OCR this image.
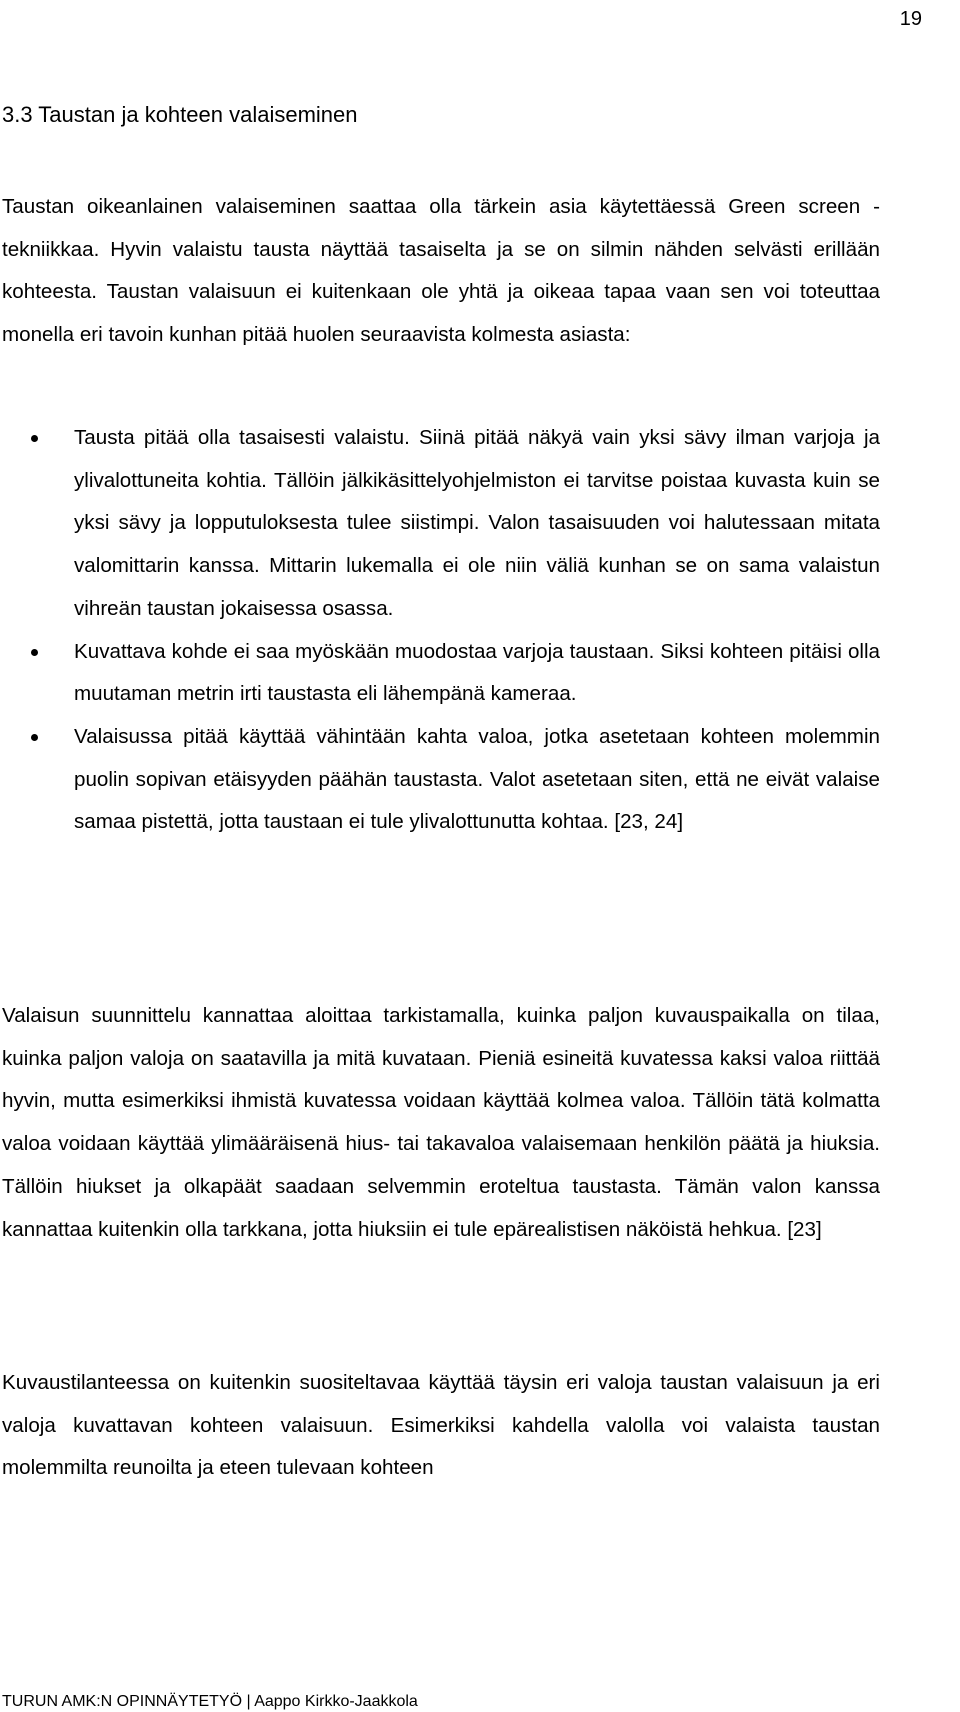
19
3.3 Taustan ja kohteen valaiseminen

Taustan oikeanlainen valaiseminen saattaa olla tärkein asia käytettäessä Green screen -tekniikkaa. Hyvin valaistu tausta näyttää tasaiselta ja se on silmin nähden selvästi erillään kohteesta. Taustan valaisuun ei kuitenkaan ole yhtä ja oikeaa tapaa vaan sen voi toteuttaa monella eri tavoin kunhan pitää huolen seuraavista kolmesta asiasta:

Tausta pitää olla tasaisesti valaistu. Siinä pitää näkyä vain yksi sävy ilman varjoja ja ylivalottuneita kohtia. Tällöin jälkikäsittelyohjelmiston ei tarvitse poistaa kuvasta kuin se yksi sävy ja lopputuloksesta tulee siistimpi. Valon tasaisuuden voi halutessaan mitata valomittarin kanssa. Mittarin lukemalla ei ole niin väliä kunhan se on sama valaistun vihreän taustan jokaisessa osassa.
Kuvattava kohde ei saa myöskään muodostaa varjoja taustaan. Siksi kohteen pitäisi olla muutaman metrin irti taustasta eli lähempänä kameraa.
Valaisussa pitää käyttää vähintään kahta valoa, jotka asetetaan kohteen molemmin puolin sopivan etäisyyden päähän taustasta. Valot asetetaan siten, että ne eivät valaise samaa pistettä, jotta taustaan ei tule ylivalottunutta kohtaa. [23, 24]

Valaisun suunnittelu kannattaa aloittaa tarkistamalla, kuinka paljon kuvauspaikalla on tilaa, kuinka paljon valoja on saatavilla ja mitä kuvataan. Pieniä esineitä kuvatessa kaksi valoa riittää hyvin, mutta esimerkiksi ihmistä kuvatessa voidaan käyttää kolmea valoa. Tällöin tätä kolmatta valoa voidaan käyttää ylimääräisenä hius- tai takavaloa valaisemaan henkilön päätä ja hiuksia. Tällöin hiukset ja olkapäät saadaan selvemmin eroteltua taustasta. Tämän valon kanssa kannattaa kuitenkin olla tarkkana, jotta hiuksiin ei tule epärealistisen näköistä hehkua. [23]

Kuvaustilanteessa on kuitenkin suositeltavaa käyttää täysin eri valoja taustan valaisuun ja eri valoja kuvattavan kohteen valaisuun. Esimerkiksi kahdella valolla voi valaista taustan molemmilta reunoilta ja eteen tulevaan kohteen

TURUN AMK:N OPINNÄYTETYÖ | Aappo Kirkko-Jaakkola
